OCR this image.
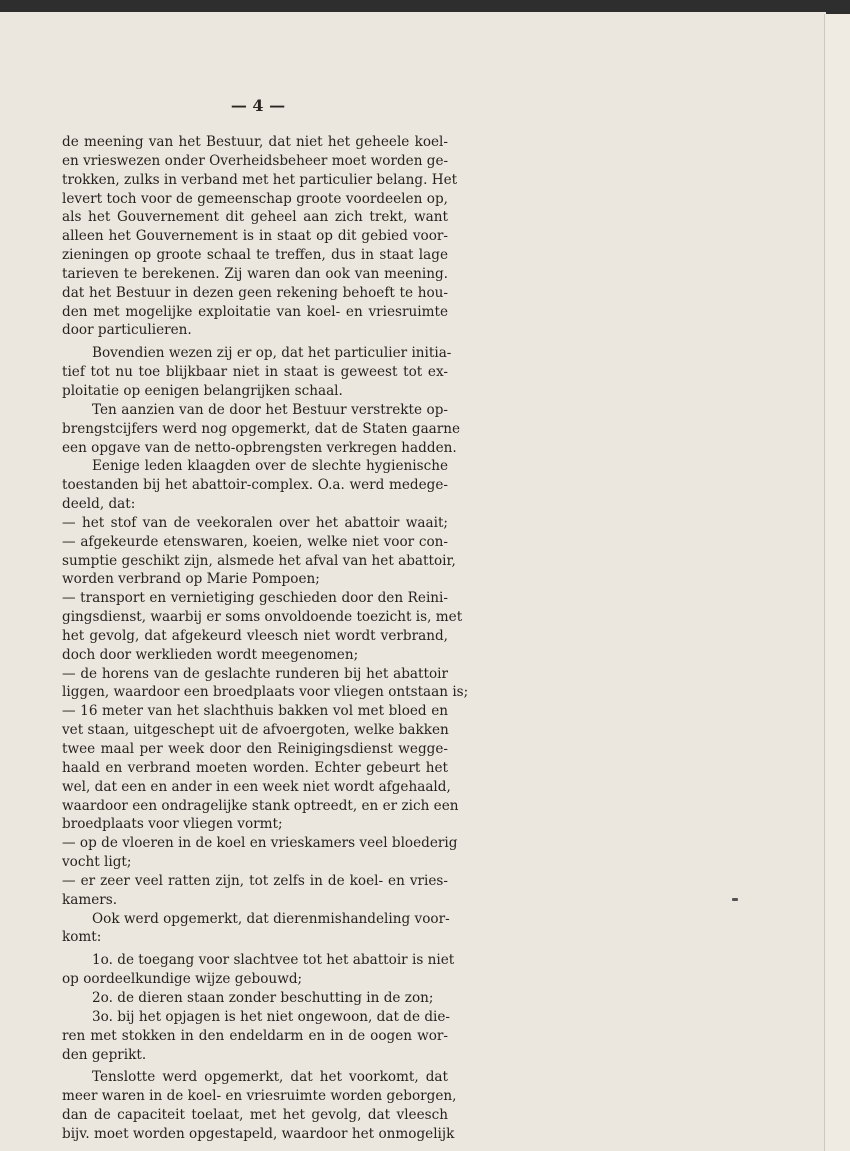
— 4 —

de meening van het Bestuur, dat niet het geheele koel-

en vrieswezen onder Overheidsbeheer moet worden ge-

trokken, zulks in verband met het particulier belang. Het

levert toch voor de gemeenschap groote voordeelen op,

als het Gouvernement dit geheel aan zich trekt, want

alleen het Gouvernement is in staat op dit gebied voor-

zieningen op groote schaal te treffen, dus in staat lage

tarieven te berekenen. Zij waren dan ook van meening.

dat het Bestuur in dezen geen rekening behoeft te hou-

den met mogelijke exploitatie van koel- en vriesruimte

door particulieren.

Bovendien wezen zij er op, dat het particulier initia-

tief tot nu toe blijkbaar niet in staat is geweest tot ex-

ploitatie op eenigen belangrijken schaal.

Ten aanzien van de door het Bestuur verstrekte op-

brengstcijfers werd nog opgemerkt, dat de Staten gaarne

een opgave van de netto-opbrengsten verkregen hadden.

Eenige leden klaagden over de slechte hygienische

toestanden bij het abattoir-complex. O.a. werd medege-

deeld, dat:

— het stof van de veekoralen over het abattoir waait;

— afgekeurde etenswaren, koeien, welke niet voor con-

sumptie geschikt zijn, alsmede het afval van het abattoir,

worden verbrand op Marie Pompoen;

— transport en vernietiging geschieden door den Reini-

gingsdienst, waarbij er soms onvoldoende toezicht is, met

het gevolg, dat afgekeurd vleesch niet wordt verbrand,

doch door werklieden wordt meegenomen;

— de horens van de geslachte runderen bij het abattoir

liggen, waardoor een broedplaats voor vliegen ontstaan is;

— 16 meter van het slachthuis bakken vol met bloed en

vet staan, uitgeschept uit de afvoergoten, welke bakken

twee maal per week door den Reinigingsdienst wegge-

haald en verbrand moeten worden. Echter gebeurt het

wel, dat een en ander in een week niet wordt afgehaald,

waardoor een ondragelijke stank optreedt, en er zich een

broedplaats voor vliegen vormt;

— op de vloeren in de koel en vrieskamers veel bloederig

vocht ligt;

— er zeer veel ratten zijn, tot zelfs in de koel- en vries-

kamers.

Ook werd opgemerkt, dat dierenmishandeling voor-

komt:

1o. de toegang voor slachtvee tot het abattoir is niet

op oordeelkundige wijze gebouwd;

2o. de dieren staan zonder beschutting in de zon;

3o. bij het opjagen is het niet ongewoon, dat de die-

ren met stokken in den endeldarm en in de oogen wor-

den geprikt.

Tenslotte werd opgemerkt, dat het voorkomt, dat

meer waren in de koel- en vriesruimte worden geborgen,

dan de capaciteit toelaat, met het gevolg, dat vleesch

bijv. moet worden opgestapeld, waardoor het onmogelijk
